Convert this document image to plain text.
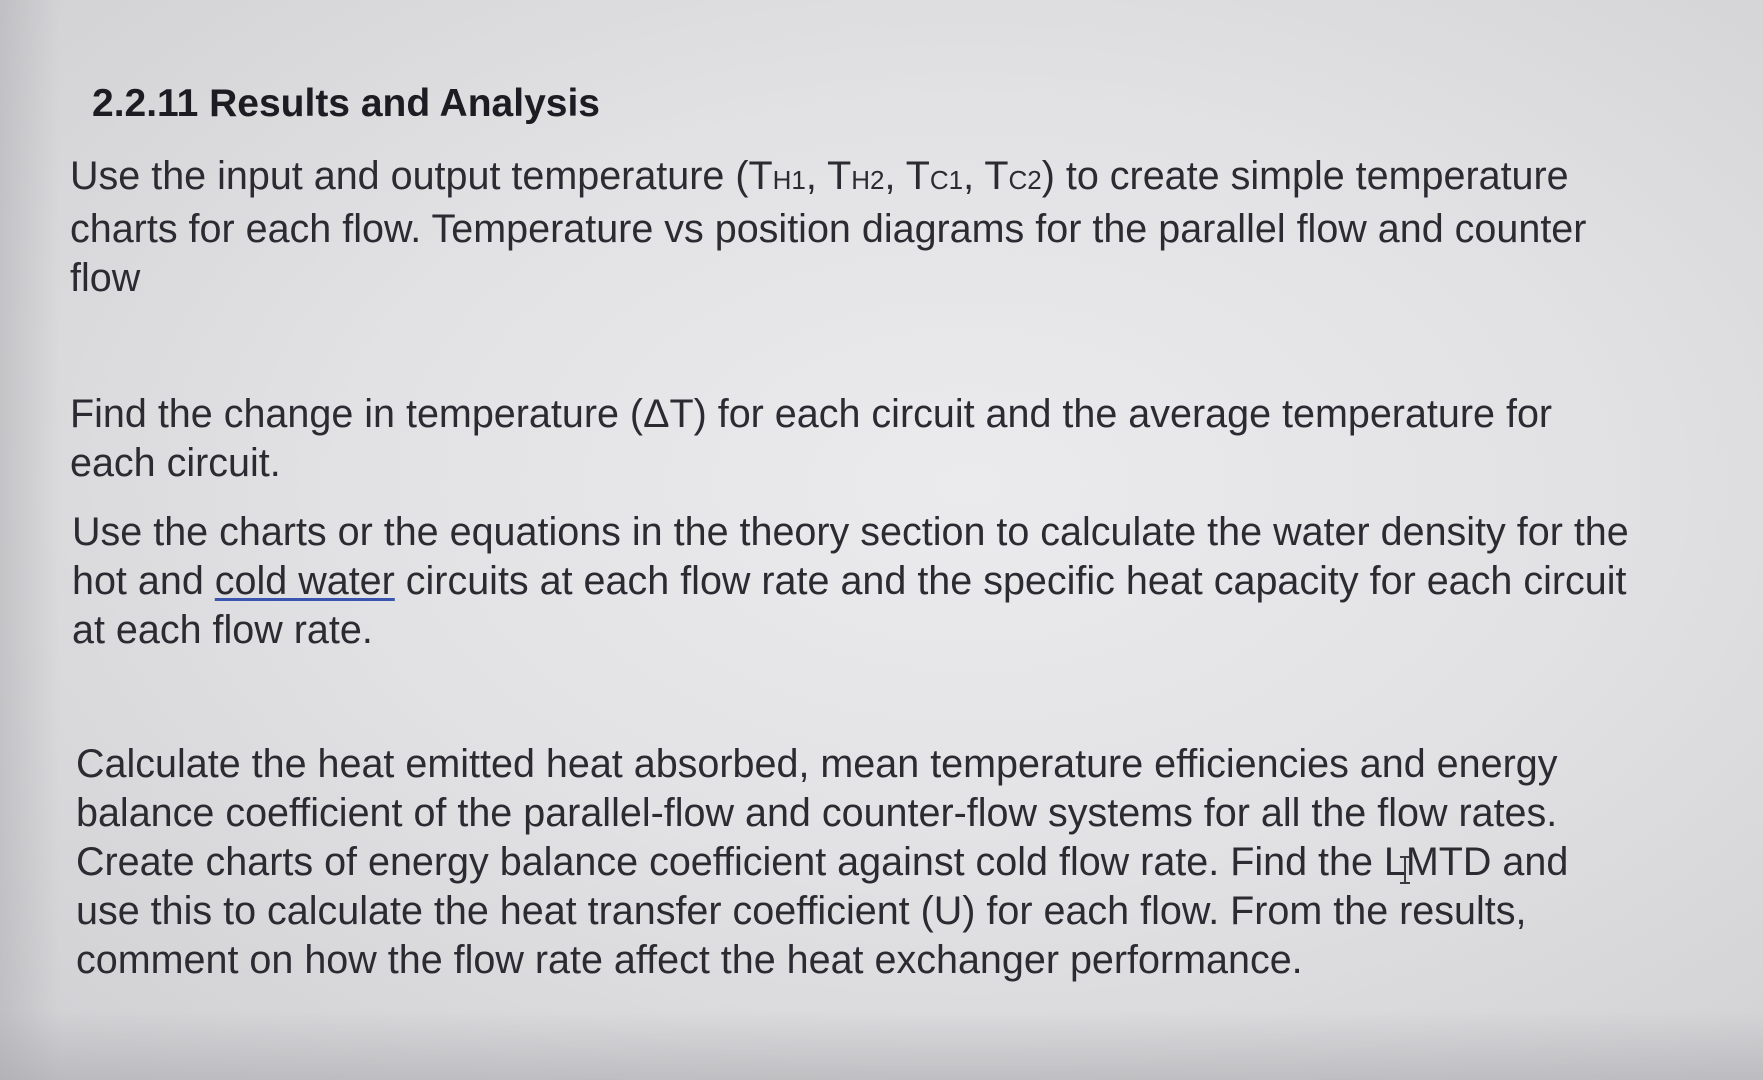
2.2.11 Results and Analysis

Use the input and output temperature (TH1, TH2, TC1, TC2) to create simple temperature charts for each flow. Temperature vs position diagrams for the parallel flow and counter flow

Find the change in temperature (ΔT) for each circuit and the average temperature for each circuit.

Use the charts or the equations in the theory section to calculate the water density for the hot and cold water circuits at each flow rate and the specific heat capacity for each circuit at each flow rate.

Calculate the heat emitted heat absorbed, mean temperature efficiencies and energy balance coefficient of the parallel-flow and counter-flow systems for all the flow rates. Create charts of energy balance coefficient against cold flow rate. Find the LMTD and use this to calculate the heat transfer coefficient (U) for each flow. From the results, comment on how the flow rate affect the heat exchanger performance.
